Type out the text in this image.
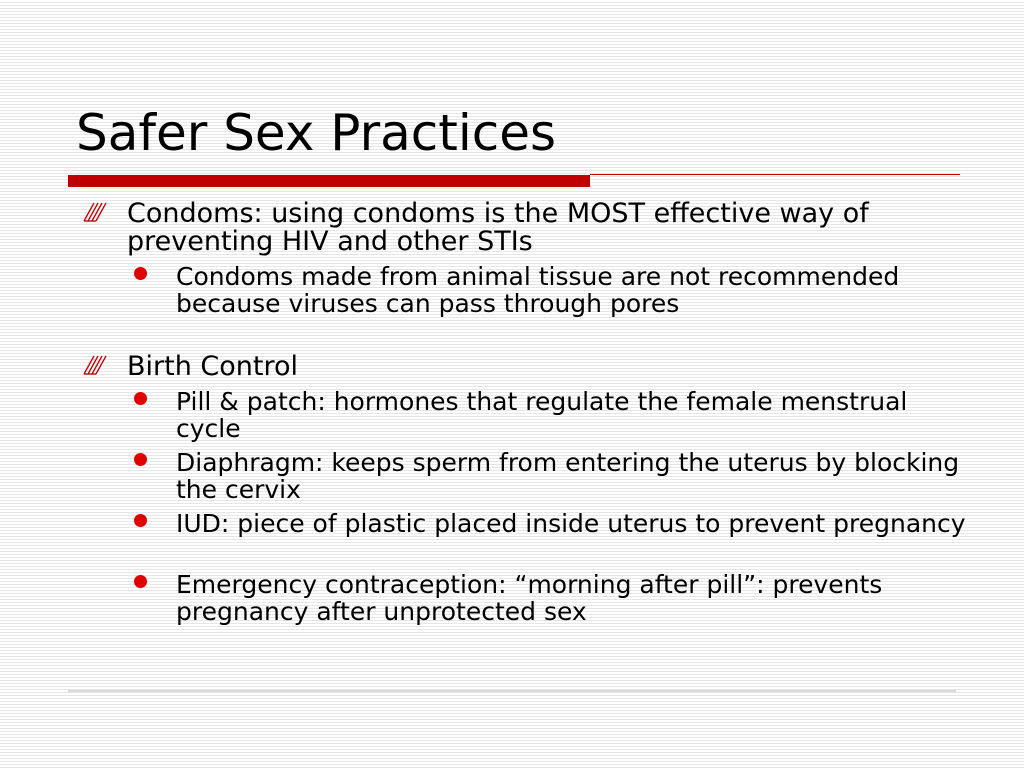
Safer Sex Practices
Condoms: using condoms is the MOST effective way of preventing HIV and other STIs
Condoms made from animal tissue are not recommended because viruses can pass through pores
Birth Control
Pill & patch: hormones that regulate the female menstrual cycle
Diaphragm: keeps sperm from entering the uterus by blocking the cervix
IUD: piece of plastic placed inside uterus to prevent pregnancy
Emergency contraception: “morning after pill”: prevents pregnancy after unprotected sex
